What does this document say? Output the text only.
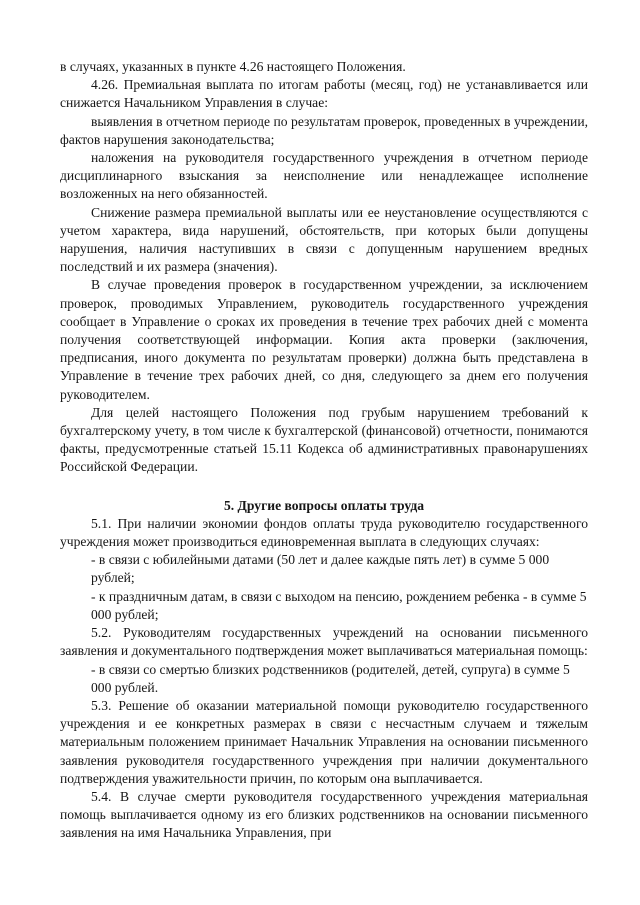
в случаях, указанных в пункте 4.26 настоящего Положения.

4.26. Премиальная выплата по итогам работы (месяц, год) не устанавливается или снижается Начальником Управления в случае:

выявления в отчетном периоде по результатам проверок, проведенных в учреждении, фактов нарушения законодательства;

наложения на руководителя государственного учреждения в отчетном периоде дисциплинарного взыскания за неисполнение или ненадлежащее исполнение возложенных на него обязанностей.

Снижение размера премиальной выплаты или ее неустановление осуществляются с учетом характера, вида нарушений, обстоятельств, при которых были допущены нарушения, наличия наступивших в связи с допущенным нарушением вредных последствий и их размера (значения).

В случае проведения проверок в государственном учреждении, за исключением проверок, проводимых Управлением, руководитель государственного учреждения сообщает в Управление о сроках их проведения в течение трех рабочих дней с момента получения соответствующей информации. Копия акта проверки (заключения, предписания, иного документа по результатам проверки) должна быть представлена в Управление в течение трех рабочих дней, со дня, следующего за днем его получения руководителем.

Для целей настоящего Положения под грубым нарушением требований к бухгалтерскому учету, в том числе к бухгалтерской (финансовой) отчетности, понимаются факты, предусмотренные статьей 15.11 Кодекса об административных правонарушениях Российской Федерации.

5. Другие вопросы оплаты труда

5.1. При наличии экономии фондов оплаты труда руководителю государственного учреждения может производиться единовременная выплата в следующих случаях:

- в связи с юбилейными датами (50 лет и далее каждые пять лет) в сумме 5 000 рублей;

- к праздничным датам, в связи с выходом на пенсию, рождением ребенка - в сумме 5 000 рублей;

5.2. Руководителям государственных учреждений на основании письменного заявления и документального подтверждения может выплачиваться материальная помощь:

- в связи со смертью близких родственников (родителей, детей, супруга) в сумме 5 000 рублей.

5.3. Решение об оказании материальной помощи руководителю государственного учреждения и ее конкретных размерах в связи с несчастным случаем и тяжелым материальным положением принимает Начальник Управления на основании письменного заявления руководителя государственного учреждения при наличии документального подтверждения уважительности причин, по которым она выплачивается.

5.4. В случае смерти руководителя государственного учреждения материальная помощь выплачивается одному из его близких родственников на основании письменного заявления на имя Начальника Управления, при
